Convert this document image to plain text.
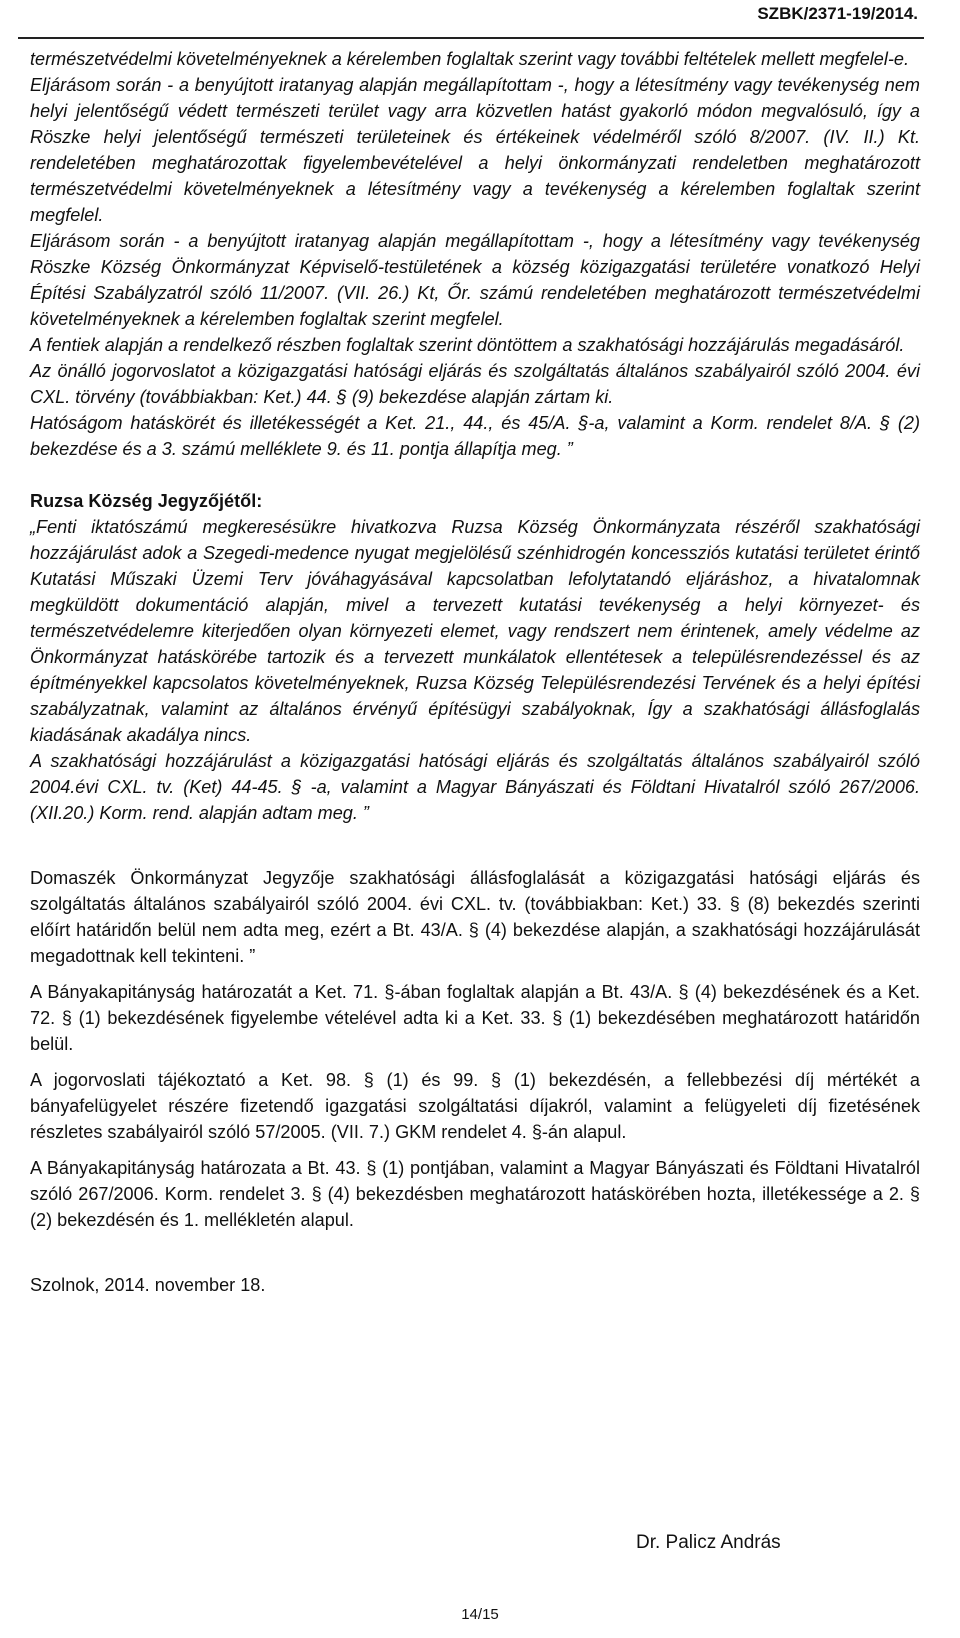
SZBK/2371-19/2014.

természetvédelmi követelményeknek a kérelemben foglaltak szerint vagy további feltételek mellett megfelel-e.

Eljárásom során - a benyújtott iratanyag alapján megállapítottam -, hogy a létesítmény vagy tevékenység nem helyi jelentőségű védett természeti terület vagy arra közvetlen hatást gyakorló módon megvalósuló, így a Röszke helyi jelentőségű természeti területeinek és értékeinek védelméről szóló 8/2007. (IV. II.) Kt. rendeletében meghatározottak figyelembevételével a helyi önkormányzati rendeletben meghatározott természetvédelmi követelményeknek a létesítmény vagy a tevékenység a kérelemben foglaltak szerint megfelel.

Eljárásom során - a benyújtott iratanyag alapján megállapítottam -, hogy a létesítmény vagy tevékenység Röszke Község Önkormányzat Képviselő-testületének a község közigazgatási területére vonatkozó Helyi Építési Szabályzatról szóló 11/2007. (VII. 26.) Kt, Őr. számú rendeletében meghatározott természetvédelmi követelményeknek a kérelemben foglaltak szerint megfelel.

A fentiek alapján a rendelkező részben foglaltak szerint döntöttem a szakhatósági hozzájárulás megadásáról.

Az önálló jogorvoslatot a közigazgatási hatósági eljárás és szolgáltatás általános szabályairól szóló 2004. évi CXL. törvény (továbbiakban: Ket.) 44. § (9) bekezdése alapján zártam ki.

Hatóságom hatáskörét és illetékességét a Ket. 21., 44., és 45/A. §-a, valamint a Korm. rendelet 8/A. § (2) bekezdése és a 3. számú melléklete 9. és 11. pontja állapítja meg. ”

Ruzsa Község Jegyzőjétől:

„Fenti iktatószámú megkeresésükre hivatkozva Ruzsa Község Önkormányzata részéről szakhatósági hozzájárulást adok a Szegedi-medence nyugat megjelölésű szénhidrogén koncessziós kutatási területet érintő Kutatási Műszaki Üzemi Terv jóváhagyásával kapcsolatban lefolytatandó eljáráshoz, a hivatalomnak megküldött dokumentáció alapján, mivel a tervezett kutatási tevékenység a helyi környezet- és természetvédelemre kiterjedően olyan környezeti elemet, vagy rendszert nem érintenek, amely védelme az Önkormányzat hatáskörébe tartozik és a tervezett munkálatok ellentétesek a településrendezéssel és az építményekkel kapcsolatos követelményeknek, Ruzsa Község Településrendezési Tervének és a helyi építési szabályzatnak, valamint az általános érvényű építésügyi szabályoknak, Így a szakhatósági állásfoglalás kiadásának akadálya nincs.

A szakhatósági hozzájárulást a közigazgatási hatósági eljárás és szolgáltatás általános szabályairól szóló 2004.évi CXL. tv. (Ket) 44-45. § -a, valamint a Magyar Bányászati és Földtani Hivatalról szóló 267/2006.(XII.20.) Korm. rend. alapján adtam meg. ”

Domaszék Önkormányzat Jegyzője szakhatósági állásfoglalását a közigazgatási hatósági eljárás és szolgáltatás általános szabályairól szóló 2004. évi CXL. tv. (továbbiakban: Ket.) 33. § (8) bekezdés szerinti előírt határidőn belül nem adta meg, ezért a Bt. 43/A. § (4) bekezdése alapján, a szakhatósági hozzájárulását megadottnak kell tekinteni. ”

A Bányakapitányság határozatát a Ket. 71. §-ában foglaltak alapján a Bt. 43/A. § (4) bekezdésének és a Ket. 72. § (1) bekezdésének figyelembe vételével adta ki a Ket. 33. § (1) bekezdésében meghatározott határidőn belül.

A jogorvoslati tájékoztató a Ket. 98. § (1) és 99. § (1) bekezdésén, a fellebbezési díj mértékét a bányafelügyelet részére fizetendő igazgatási szolgáltatási díjakról, valamint a felügyeleti díj fizetésének részletes szabályairól szóló 57/2005. (VII. 7.) GKM rendelet 4. §-án alapul.

A Bányakapitányság határozata a Bt. 43. § (1) pontjában, valamint a Magyar Bányászati és Földtani Hivatalról szóló 267/2006. Korm. rendelet 3. § (4) bekezdésben meghatározott hatáskörében hozta, illetékessége a 2. § (2) bekezdésén és 1. mellékletén alapul.

Szolnok, 2014. november 18.

Dr. Palicz András
14/15
